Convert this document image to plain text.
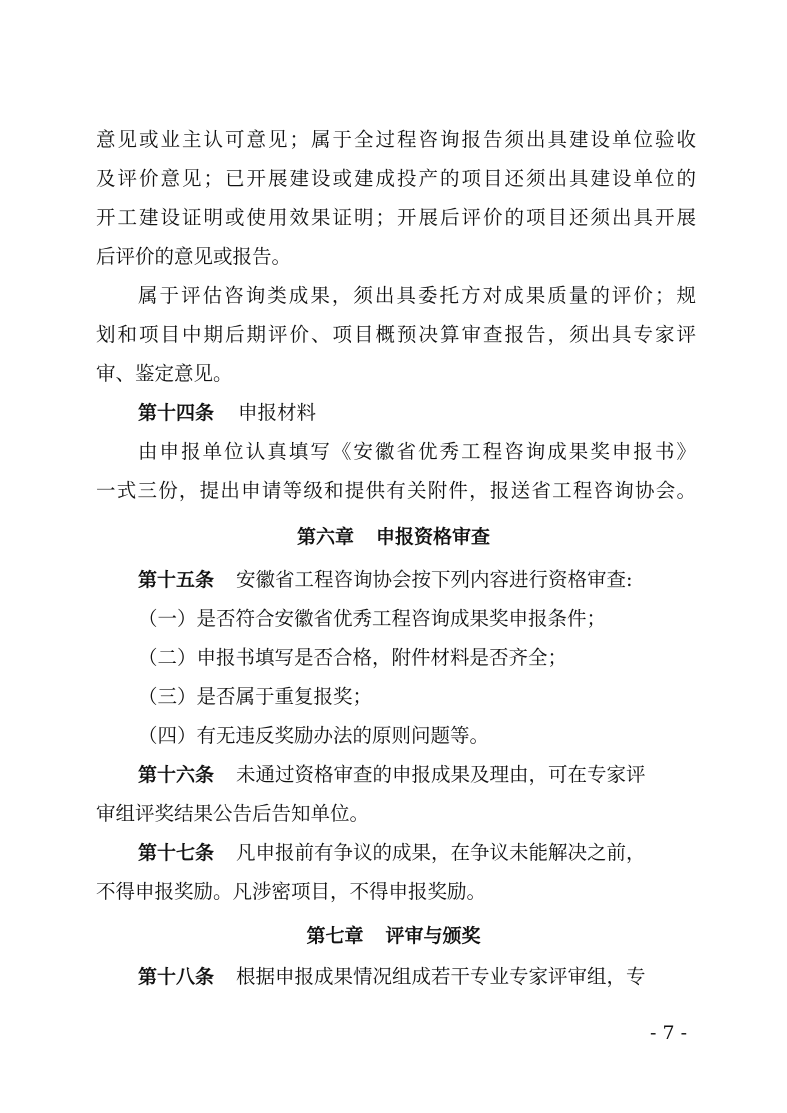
意见或业主认可意见；属于全过程咨询报告须出具建设单位验收
及评价意见；已开展建设或建成投产的项目还须出具建设单位的
开工建设证明或使用效果证明；开展后评价的项目还须出具开展
后评价的意见或报告。
属于评估咨询类成果，须出具委托方对成果质量的评价；规
划和项目中期后期评价、项目概预决算审查报告，须出具专家评
审、鉴定意见。
第十四条 申报材料
由申报单位认真填写《安徽省优秀工程咨询成果奖申报书》
一式三份，提出申请等级和提供有关附件，报送省工程咨询协会。
第六章 申报资格审查
第十五条 安徽省工程咨询协会按下列内容进行资格审查:
（一）是否符合安徽省优秀工程咨询成果奖申报条件；
（二）申报书填写是否合格，附件材料是否齐全；
（三）是否属于重复报奖；
（四）有无违反奖励办法的原则问题等。
第十六条 未通过资格审查的申报成果及理由，可在专家评
审组评奖结果公告后告知单位。
第十七条 凡申报前有争议的成果，在争议未能解决之前，
不得申报奖励。凡涉密项目，不得申报奖励。
第七章 评审与颁奖
第十八条 根据申报成果情况组成若干专业专家评审组，专
- 7 -
